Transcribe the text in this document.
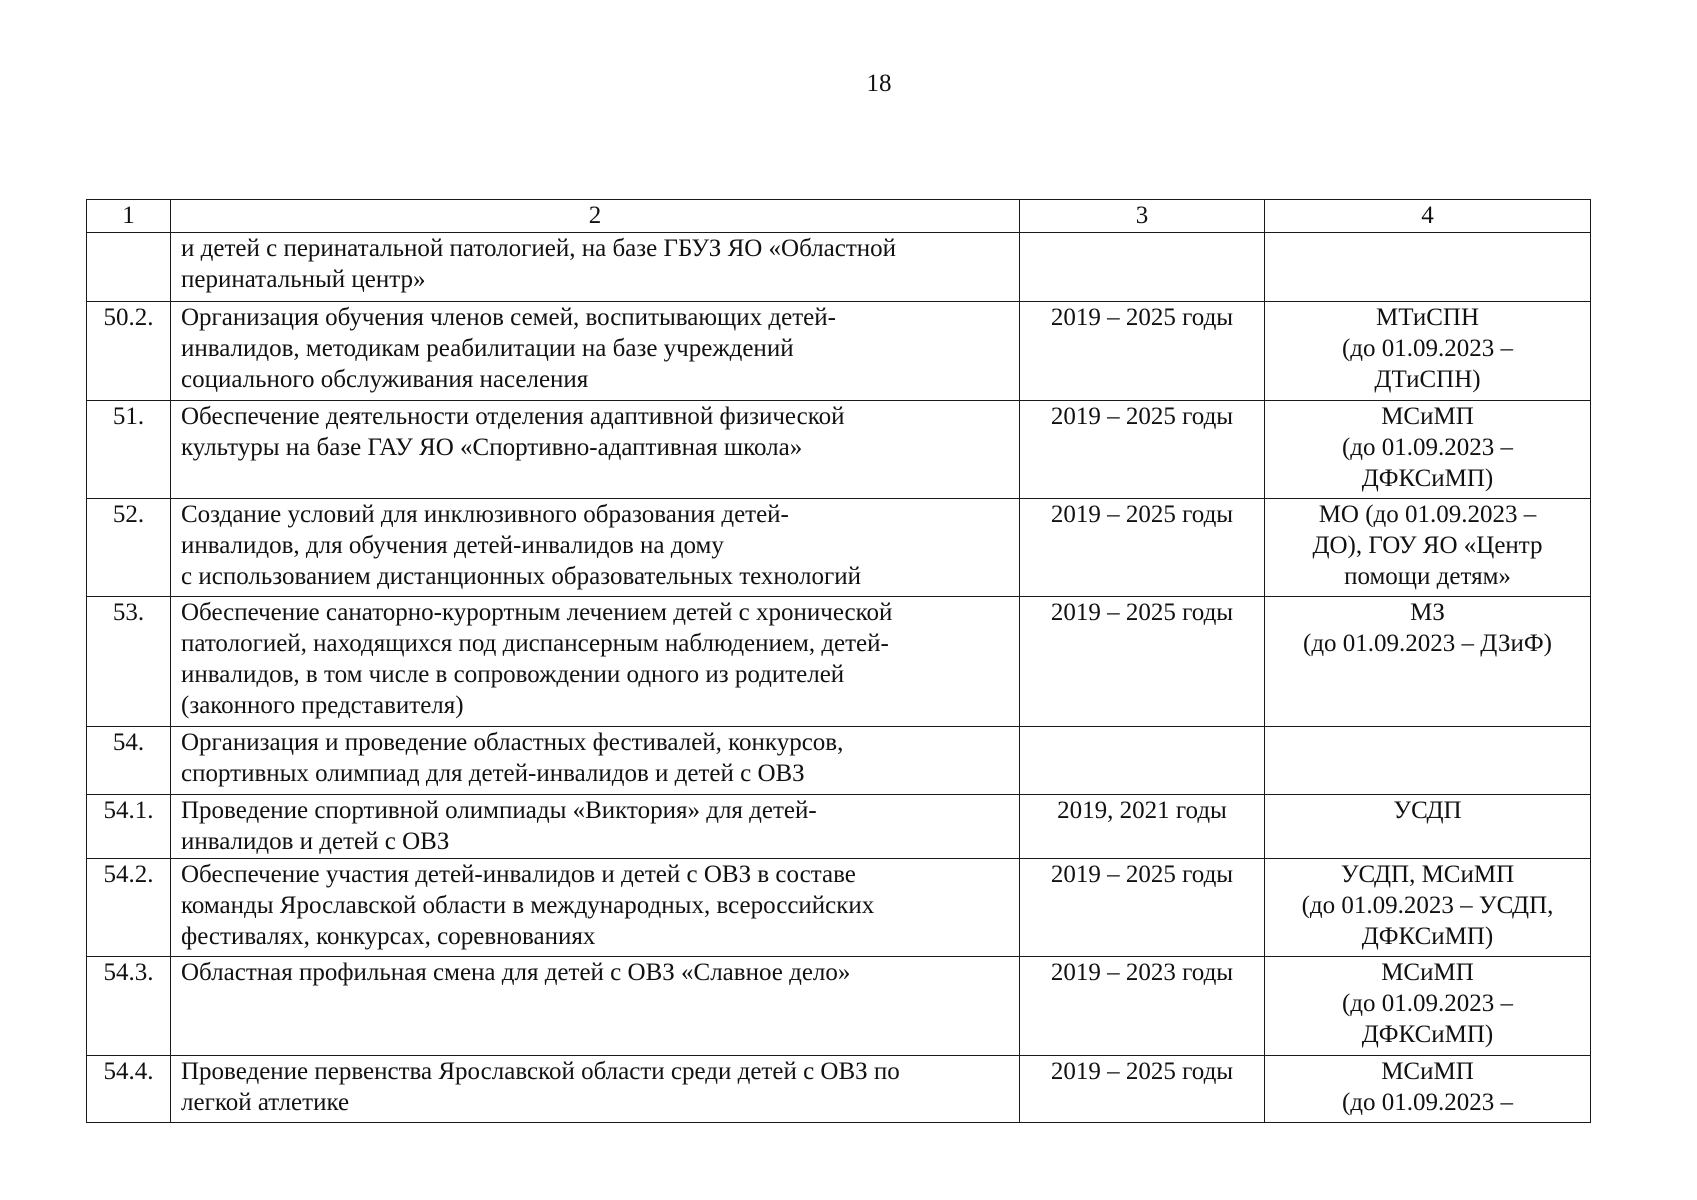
18
1	2	3	4
	и детей с перинатальной патологией, на базе ГБУЗ ЯО «Областной
перинатальный центр»		
50.2.	Организация обучения членов семей, воспитывающих детей-
инвалидов, методикам реабилитации на базе учреждений
социального обслуживания населения	2019 – 2025 годы	МТиСПН
(до 01.09.2023 –
ДТиСПН)
51.	Обеспечение деятельности отделения адаптивной физической
культуры на базе ГАУ ЯО «Спортивно-адаптивная школа»	2019 – 2025 годы	МСиМП
(до 01.09.2023 –
ДФКСиМП)
52.	Создание условий для инклюзивного образования детей-
инвалидов, для обучения детей-инвалидов на дому
с использованием дистанционных образовательных технологий	2019 – 2025 годы	МО (до 01.09.2023 –
ДО), ГОУ ЯО «Центр
помощи детям»
53.	Обеспечение санаторно-курортным лечением детей с хронической
патологией, находящихся под диспансерным наблюдением, детей-
инвалидов, в том числе в сопровождении одного из родителей
(законного представителя)	2019 – 2025 годы	МЗ
(до 01.09.2023 – ДЗиФ)
54.	Организация и проведение областных фестивалей, конкурсов,
спортивных олимпиад для детей-инвалидов и детей с ОВЗ		
54.1.	Проведение спортивной олимпиады «Виктория» для детей-
инвалидов и детей с ОВЗ	2019, 2021 годы	УСДП
54.2.	Обеспечение участия детей-инвалидов и детей с ОВЗ в составе
команды Ярославской области в международных, всероссийских
фестивалях, конкурсах, соревнованиях	2019 – 2025 годы	УСДП, МСиМП
(до 01.09.2023 – УСДП,
ДФКСиМП)
54.3.	Областная профильная смена для детей с ОВЗ «Славное дело»	2019 – 2023 годы	МСиМП
(до 01.09.2023 –
ДФКСиМП)
54.4.	Проведение первенства Ярославской области среди детей с ОВЗ по
легкой атлетике	2019 – 2025 годы	МСиМП
(до 01.09.2023 –
